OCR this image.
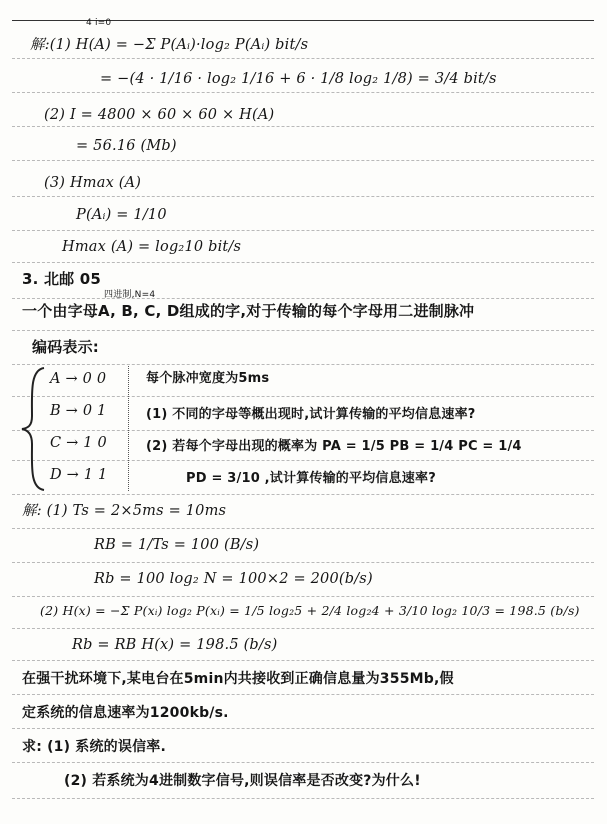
4 i=0
解:(1) H(A) = −Σ P(Aᵢ)·log₂ P(Aᵢ) bit/s
= −(4 · 1/16 · log₂ 1/16 + 6 · 1/8 log₂ 1/8) = 3/4 bit/s
(2) I = 4800 × 60 × 60 × H(A)
= 56.16 (Mb)
(3) Hmax (A)
P(Aᵢ) = 1/10
Hmax (A) = log₂10 bit/s
3. 北邮 05
四进制,N=4
一个由字母A, B, C, D组成的字,对于传输的每个字母用二进制脉冲
编码表示:
A → 0 0
B → 0 1
C → 1 0
D → 1 1
每个脉冲宽度为5ms
(1) 不同的字母等概出现时,试计算传输的平均信息速率?
(2) 若每个字母出现的概率为 PA = 1/5 PB = 1/4 PC = 1/4
PD = 3/10 ,试计算传输的平均信息速率?
解: (1) Ts = 2×5ms = 10ms
RB = 1/Ts = 100 (B/s)
Rb = 100 log₂ N = 100×2 = 200(b/s)
(2) H(x) = −Σ P(xᵢ) log₂ P(xᵢ) = 1/5 log₂5 + 2/4 log₂4 + 3/10 log₂ 10/3 = 198.5 (b/s)
Rb = RB H(x) = 198.5 (b/s)
在强干扰环境下,某电台在5min内共接收到正确信息量为355Mb,假
定系统的信息速率为1200kb/s.
求: (1) 系统的误信率.
(2) 若系统为4进制数字信号,则误信率是否改变?为什么!
